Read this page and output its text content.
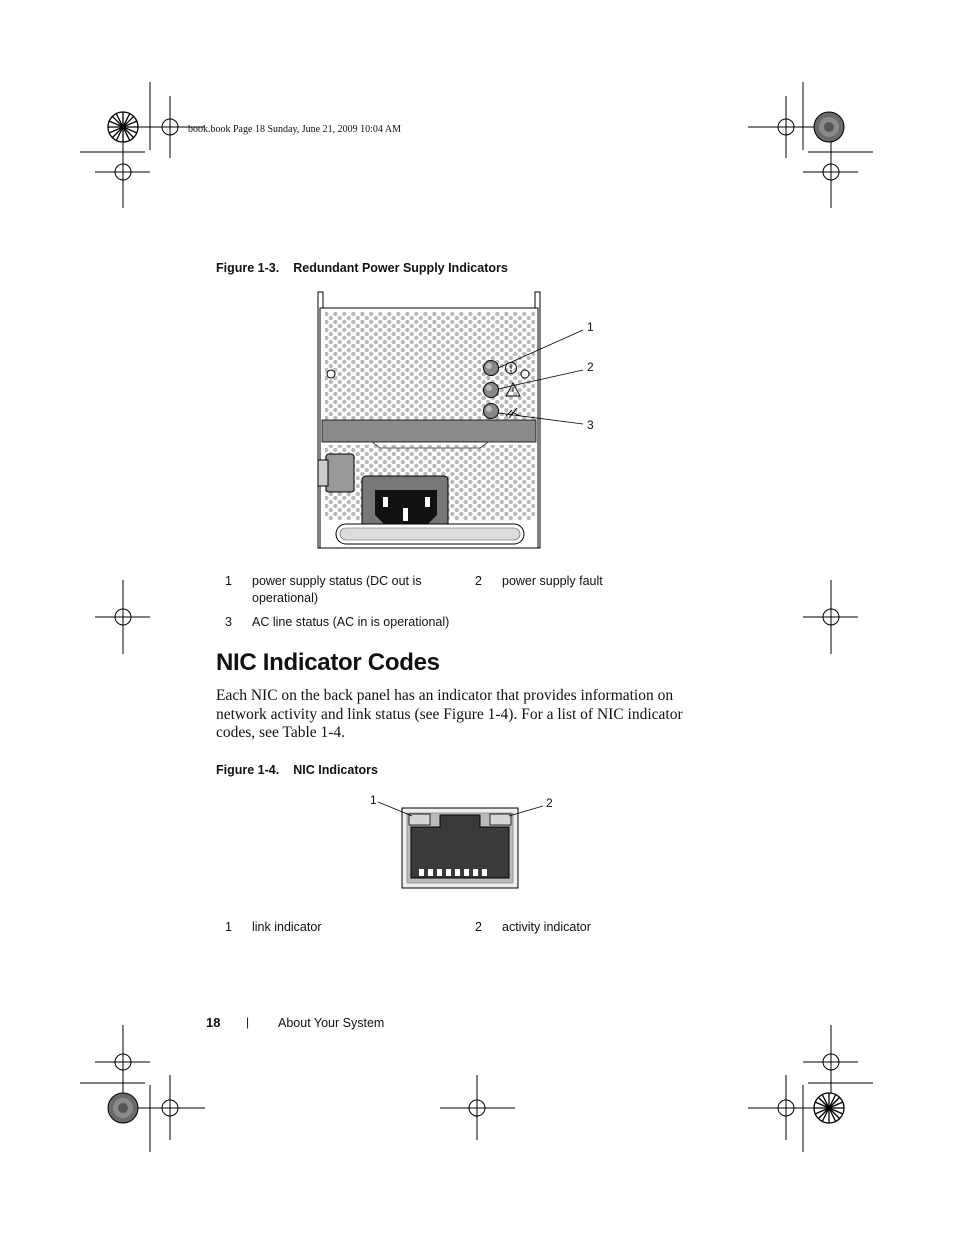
book.book Page 18 Sunday, June 21, 2009 10:04 AM
Figure 1-3. Redundant Power Supply Indicators
1
2
3
1 power supply status (DC out is operational)
2 power supply fault
3 AC line status (AC in is operational)
NIC Indicator Codes
Each NIC on the back panel has an indicator that provides information on network activity and link status (see Figure 1-4). For a list of NIC indicator codes, see Table 1-4.
Figure 1-4. NIC Indicators
1	2
1 link indicator	2 activity indicator
18 | About Your System
